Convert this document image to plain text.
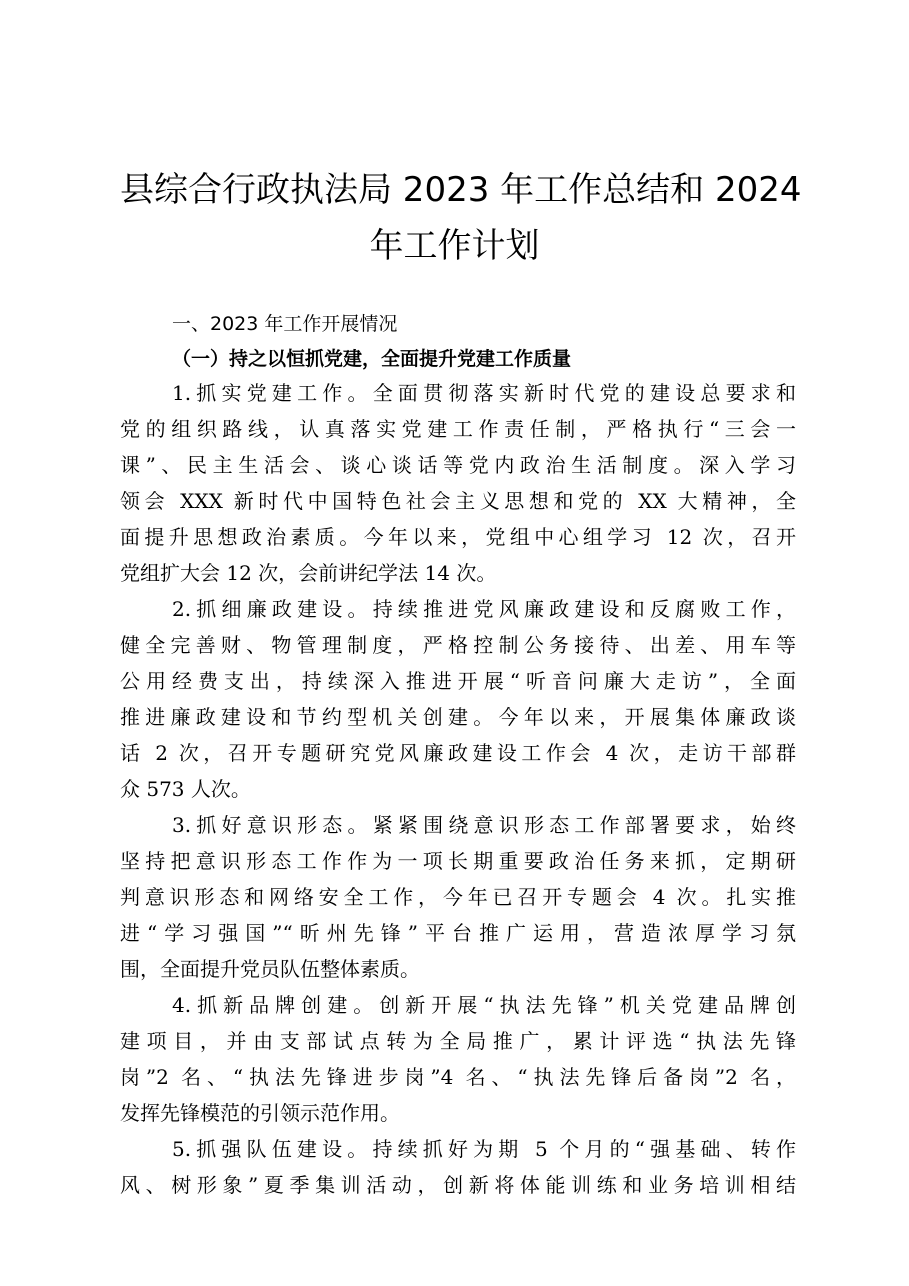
县综合行政执法局 2023 年工作总结和 2024
年工作计划
一、2023 年工作开展情况
（一）持之以恒抓党建，全面提升党建工作质量
1.抓实党建工作。全面贯彻落实新时代党的建设总要求和
党的组织路线，认真落实党建工作责任制，严格执行“三会一
课”、民主生活会、谈心谈话等党内政治生活制度。深入学习
领会 XXX 新时代中国特色社会主义思想和党的 XX 大精神，全
面提升思想政治素质。今年以来，党组中心组学习 12 次，召开
党组扩大会 12 次，会前讲纪学法 14 次。
2.抓细廉政建设。持续推进党风廉政建设和反腐败工作，
健全完善财、物管理制度，严格控制公务接待、出差、用车等
公用经费支出，持续深入推进开展“听音问廉大走访”，全面
推进廉政建设和节约型机关创建。今年以来，开展集体廉政谈
话 2 次，召开专题研究党风廉政建设工作会 4 次，走访干部群
众 573 人次。
3.抓好意识形态。紧紧围绕意识形态工作部署要求，始终
坚持把意识形态工作作为一项长期重要政治任务来抓，定期研
判意识形态和网络安全工作，今年已召开专题会 4 次。扎实推
进“学习强国”“昕州先锋”平台推广运用，营造浓厚学习氛
围，全面提升党员队伍整体素质。
4.抓新品牌创建。创新开展“执法先锋”机关党建品牌创
建项目，并由支部试点转为全局推广，累计评选“执法先锋
岗”2 名、“执法先锋进步岗”4 名、“执法先锋后备岗”2 名，
发挥先锋模范的引领示范作用。
5.抓强队伍建设。持续抓好为期 5 个月的“强基础、转作
风、树形象”夏季集训活动，创新将体能训练和业务培训相结
